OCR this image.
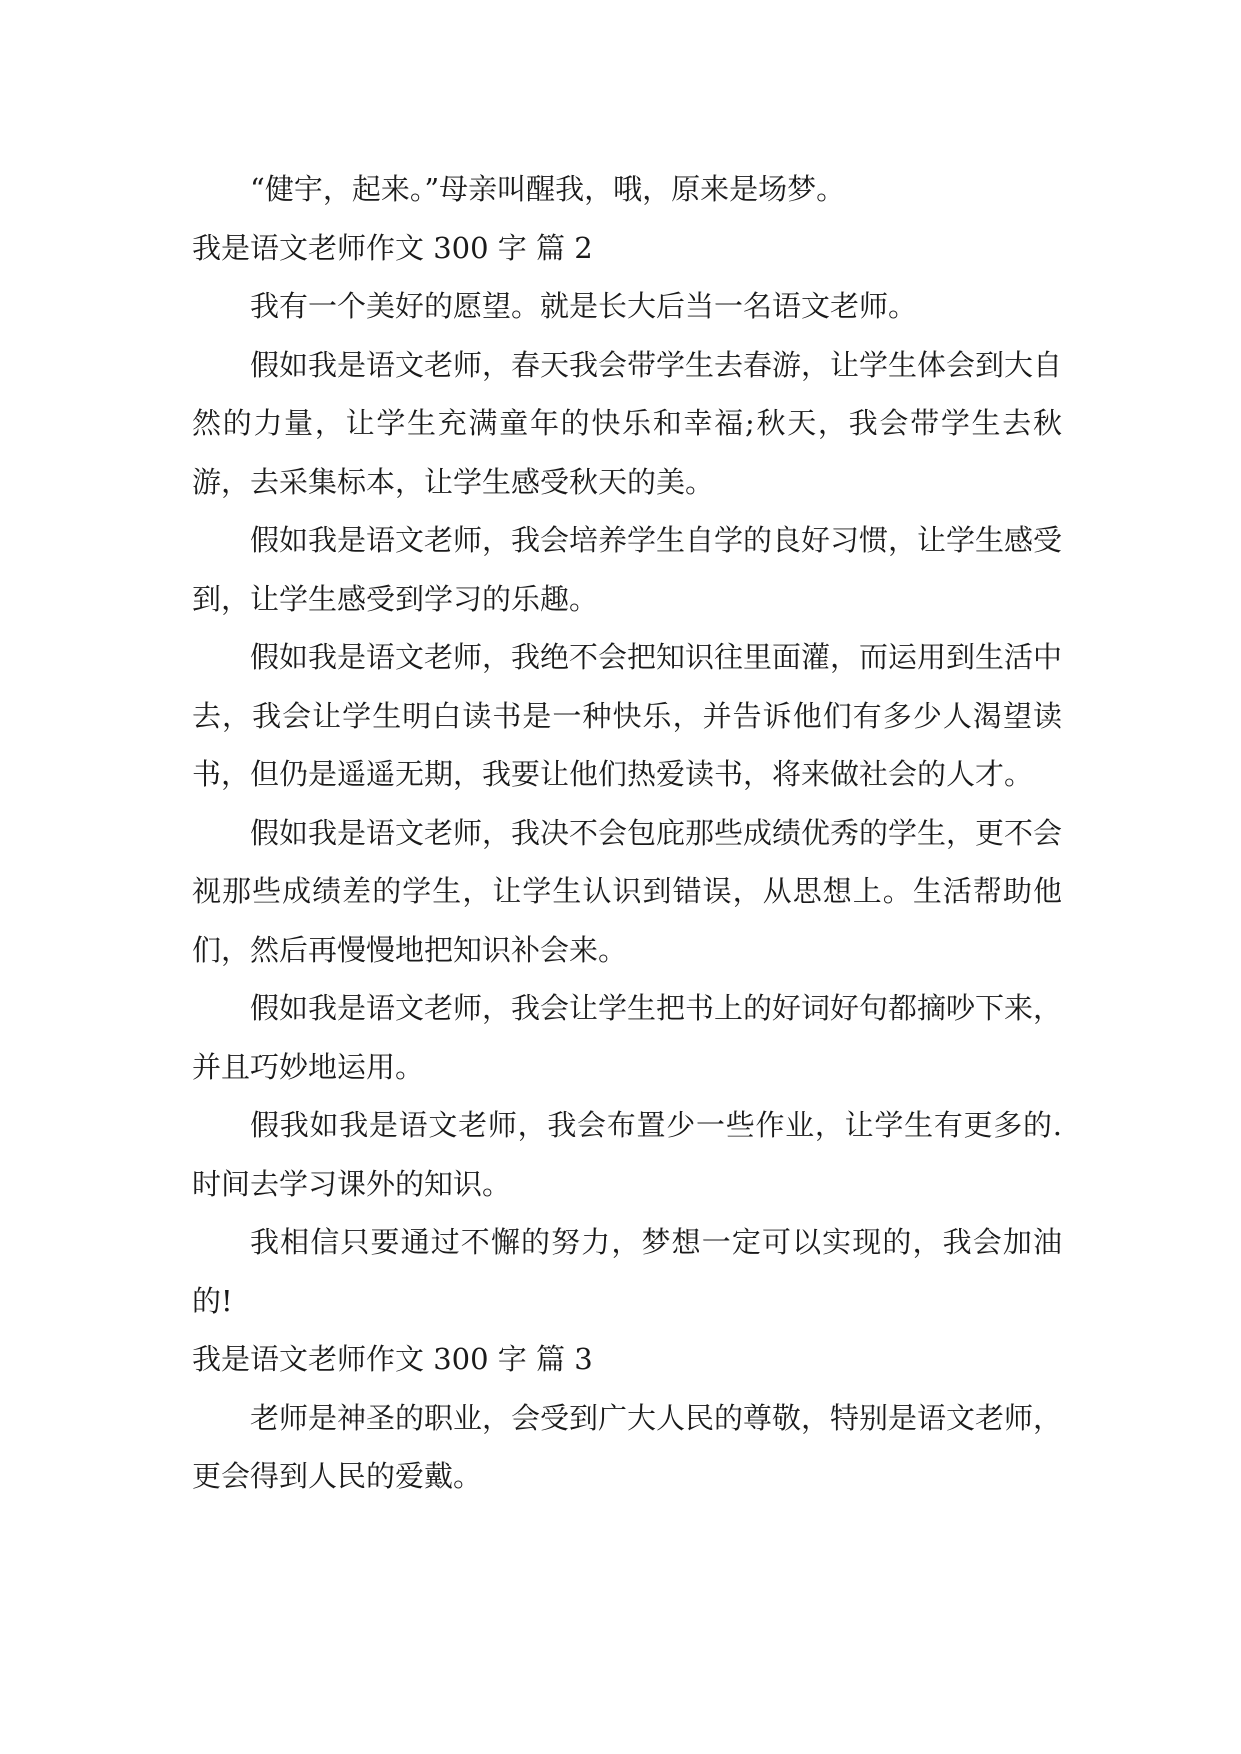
“健宇，起来。”母亲叫醒我，哦，原来是场梦。

我是语文老师作文 300 字 篇 2

我有一个美好的愿望。就是长大后当一名语文老师。

假如我是语文老师，春天我会带学生去春游，让学生体会到大自然的力量，让学生充满童年的快乐和幸福;秋天，我会带学生去秋游，去采集标本，让学生感受秋天的美。

假如我是语文老师，我会培养学生自学的良好习惯，让学生感受到，让学生感受到学习的乐趣。

假如我是语文老师，我绝不会把知识往里面灌，而运用到生活中去，我会让学生明白读书是一种快乐，并告诉他们有多少人渴望读书，但仍是遥遥无期，我要让他们热爱读书，将来做社会的人才。

假如我是语文老师，我决不会包庇那些成绩优秀的学生，更不会视那些成绩差的学生，让学生认识到错误，从思想上。生活帮助他们，然后再慢慢地把知识补会来。

假如我是语文老师，我会让学生把书上的好词好句都摘吵下来，并且巧妙地运用。

假我如我是语文老师，我会布置少一些作业，让学生有更多的.时间去学习课外的知识。

我相信只要通过不懈的努力，梦想一定可以实现的，我会加油的!

我是语文老师作文 300 字 篇 3

老师是神圣的职业，会受到广大人民的尊敬，特别是语文老师，更会得到人民的爱戴。
